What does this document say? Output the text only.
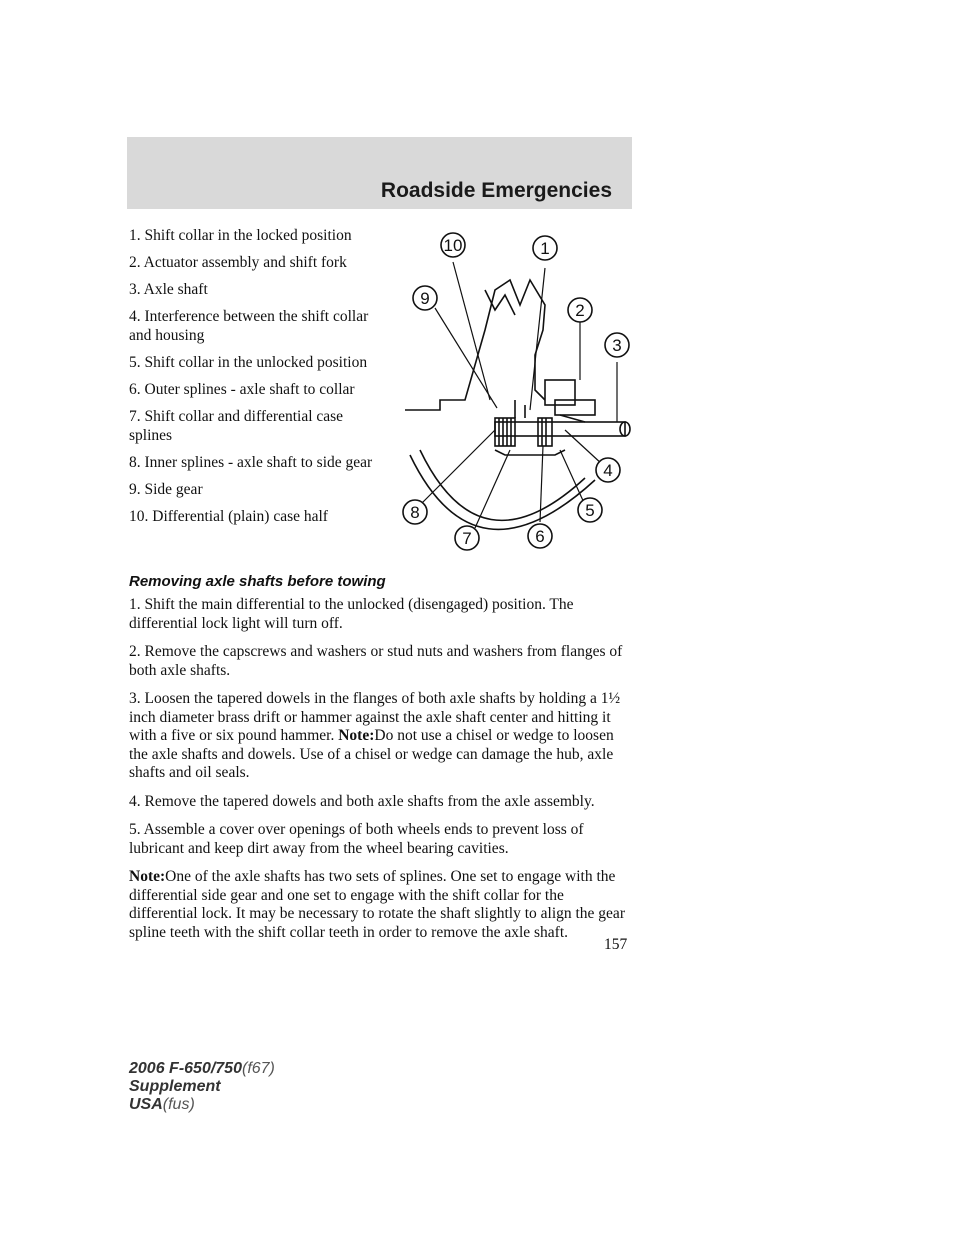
Roadside Emergencies
1. Shift collar in the locked position
2. Actuator assembly and shift fork
3. Axle shaft
4. Interference between the shift collar and housing
5. Shift collar in the unlocked position
6. Outer splines - axle shaft to collar
7. Shift collar and differential case splines
8. Inner splines - axle shaft to side gear
9. Side gear
10. Differential (plain) case half
1
2
3
4
5
6
7
8
9
10
Removing axle shafts before towing

1. Shift the main differential to the unlocked (disengaged) position. The differential lock light will turn off.

2. Remove the capscrews and washers or stud nuts and washers from flanges of both axle shafts.

3. Loosen the tapered dowels in the flanges of both axle shafts by holding a 1½ inch diameter brass drift or hammer against the axle shaft center and hitting it with a five or six pound hammer. Note:Do not use a chisel or wedge to loosen the axle shafts and dowels. Use of a chisel or wedge can damage the hub, axle shafts and oil seals.

4. Remove the tapered dowels and both axle shafts from the axle assembly.

5. Assemble a cover over openings of both wheels ends to prevent loss of lubricant and keep dirt away from the wheel bearing cavities.

Note:One of the axle shafts has two sets of splines. One set to engage with the differential side gear and one set to engage with the shift collar for the differential lock. It may be necessary to rotate the shaft slightly to align the gear spline teeth with the shift collar teeth in order to remove the axle shaft.

157
2006 F-650/750(f67)
Supplement
USA(fus)
